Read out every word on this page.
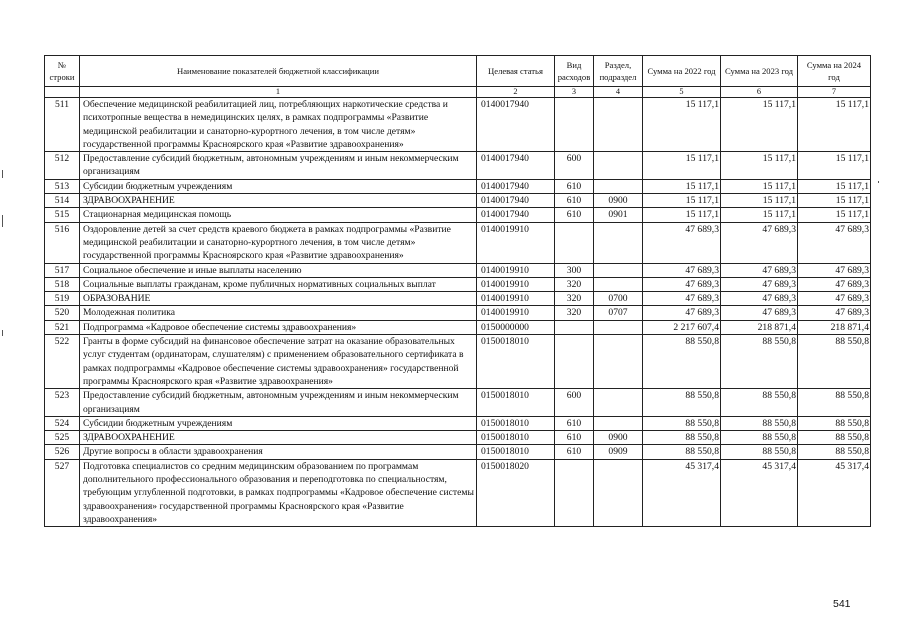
№ строки	Наименование показателей бюджетной классификации	Целевая статья	Вид расходов	Раздел, подраздел	Сумма на 2022 год	Сумма на 2023 год	Сумма на 2024 год
	1	2	3	4	5	6	7
511	Обеспечение медицинской реабилитацией лиц, потребляющих наркотические средства и психотропные вещества в немедицинских целях, в рамках подпрограммы «Развитие медицинской реабилитации и санаторно-курортного лечения, в том числе детям» государственной программы Красноярского края «Развитие здравоохранения»	0140017940			15 117,1	15 117,1	15 117,1
512	Предоставление субсидий бюджетным, автономным учреждениям и иным некоммерческим организациям	0140017940	600		15 117,1	15 117,1	15 117,1
513	Субсидии бюджетным учреждениям	0140017940	610		15 117,1	15 117,1	15 117,1
514	ЗДРАВООХРАНЕНИЕ	0140017940	610	0900	15 117,1	15 117,1	15 117,1
515	Стационарная медицинская помощь	0140017940	610	0901	15 117,1	15 117,1	15 117,1
516	Оздоровление детей за счет средств краевого бюджета в рамках подпрограммы «Развитие медицинской реабилитации и санаторно-курортного лечения, в том числе детям» государственной программы Красноярского края «Развитие здравоохранения»	0140019910			47 689,3	47 689,3	47 689,3
517	Социальное обеспечение и иные выплаты населению	0140019910	300		47 689,3	47 689,3	47 689,3
518	Социальные выплаты гражданам, кроме публичных нормативных социальных выплат	0140019910	320		47 689,3	47 689,3	47 689,3
519	ОБРАЗОВАНИЕ	0140019910	320	0700	47 689,3	47 689,3	47 689,3
520	Молодежная политика	0140019910	320	0707	47 689,3	47 689,3	47 689,3
521	Подпрограмма «Кадровое обеспечение системы здравоохранения»	0150000000			2 217 607,4	218 871,4	218 871,4
522	Гранты в форме субсидий на финансовое обеспечение затрат на оказание образовательных услуг студентам (ординаторам, слушателям) с применением образовательного сертификата в рамках подпрограммы «Кадровое обеспечение системы здравоохранения» государственной программы Красноярского края «Развитие здравоохранения»	0150018010			88 550,8	88 550,8	88 550,8
523	Предоставление субсидий бюджетным, автономным учреждениям и иным некоммерческим организациям	0150018010	600		88 550,8	88 550,8	88 550,8
524	Субсидии бюджетным учреждениям	0150018010	610		88 550,8	88 550,8	88 550,8
525	ЗДРАВООХРАНЕНИЕ	0150018010	610	0900	88 550,8	88 550,8	88 550,8
526	Другие вопросы в области здравоохранения	0150018010	610	0909	88 550,8	88 550,8	88 550,8
527	Подготовка специалистов со средним медицинским образованием по программам дополнительного профессионального образования и переподготовка по специальностям, требующим углубленной подготовки, в рамках подпрограммы «Кадровое обеспечение системы здравоохранения» государственной программы Красноярского края «Развитие здравоохранения»	0150018020			45 317,4	45 317,4	45 317,4
541
